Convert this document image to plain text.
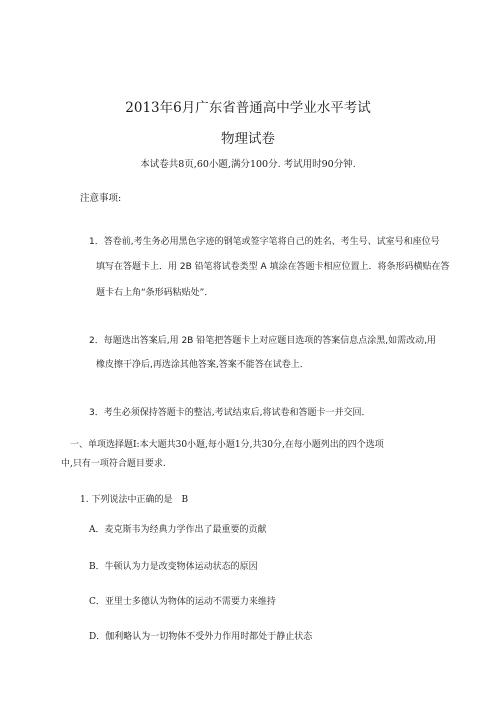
2013年6月广东省普通高中学业水平考试
物理试卷
本试卷共8页,60小题,满分100分. 考试用时90分钟.
注意事项:
1．答卷前,考生务必用黑色字迹的钢笔或签字笔将自己的姓名、考生号、试室号和座位号
填写在答题卡上．用 2B 铅笔将试卷类型 A 填涂在答题卡相应位置上．将条形码横贴在答
题卡右上角“条形码粘贴处”．
2．每题选出答案后,用 2B 铅笔把答题卡上对应题目选项的答案信息点涂黑,如需改动,用
橡皮擦干净后,再选涂其他答案,答案不能答在试卷上．
3．考生必须保持答题卡的整洁,考试结束后,将试卷和答题卡一并交回．
一、单项选择题Ⅰ:本大题共30小题,每小题1分,共30分,在每小题列出的四个选项
中,只有一项符合题目要求.
1. 下列说法中正确的是　B
A．麦克斯韦为经典力学作出了最重要的贡献
B．牛顿认为力是改变物体运动状态的原因
C．亚里士多德认为物体的运动不需要力来维持
D．伽利略认为一切物体不受外力作用时都处于静止状态
